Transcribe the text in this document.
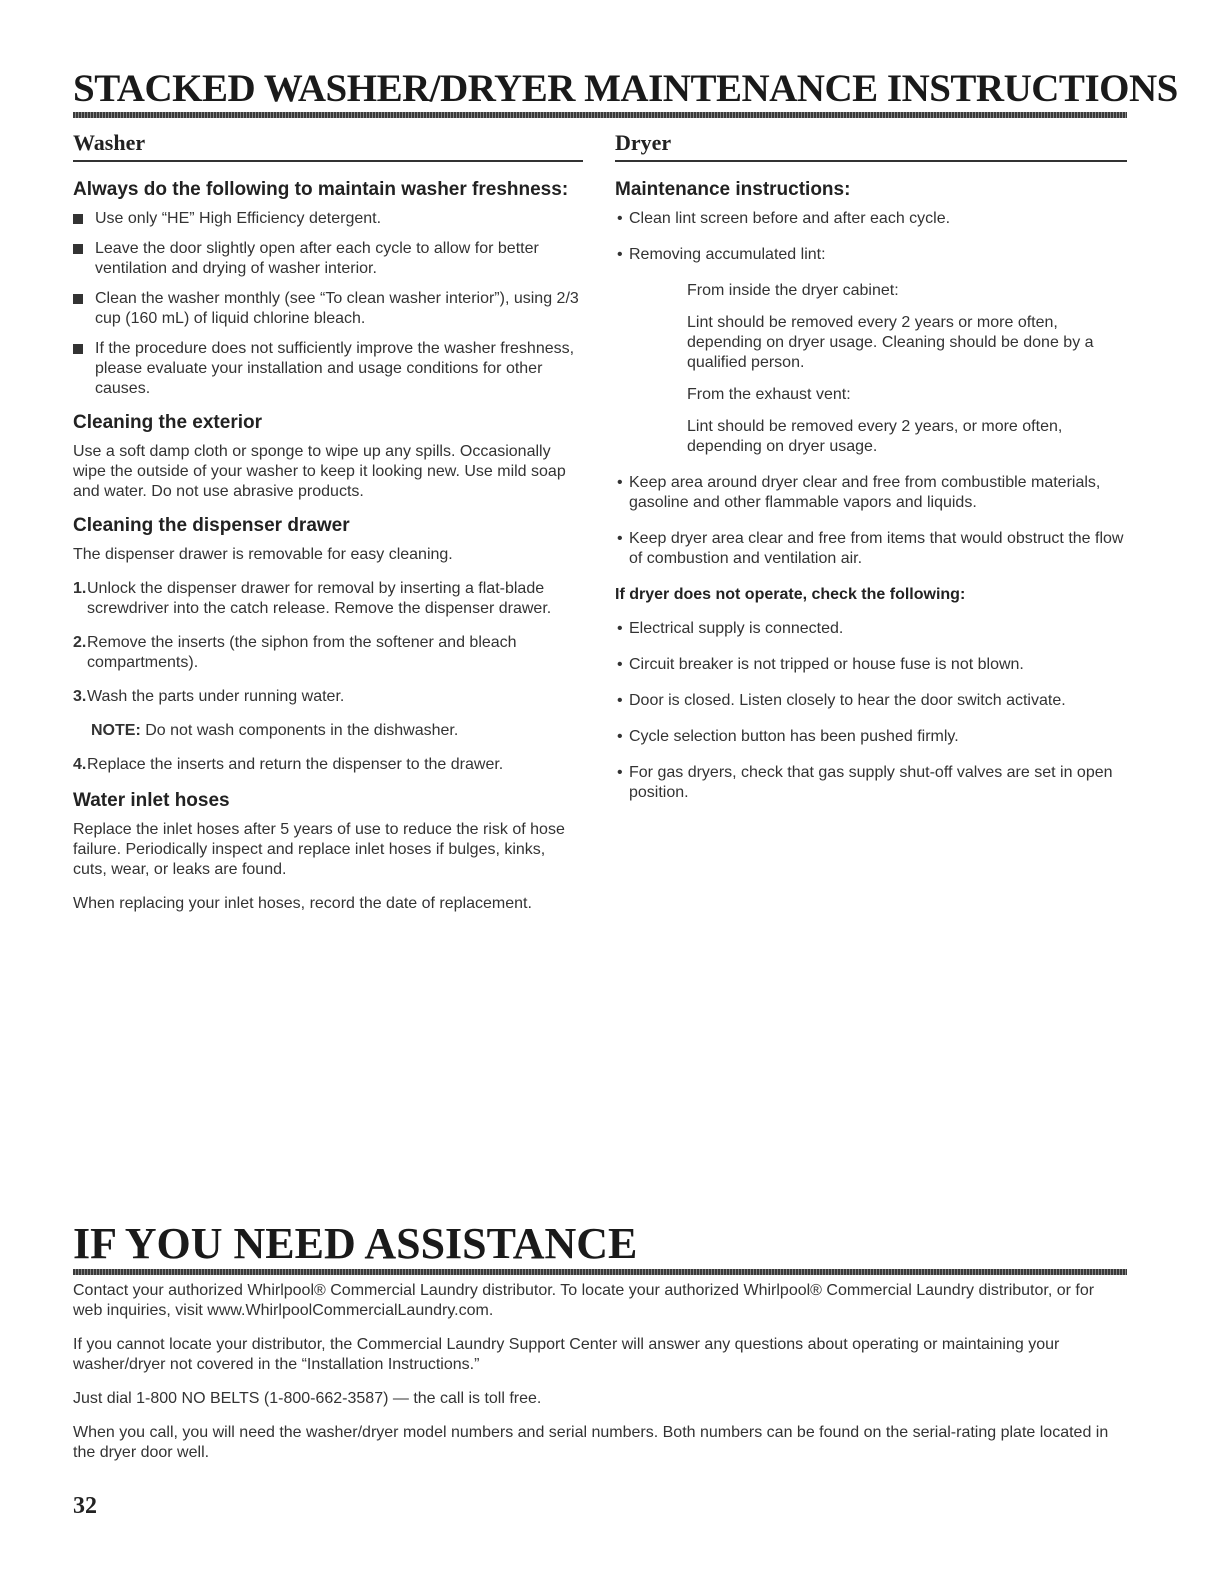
STACKED WASHER/DRYER MAINTENANCE INSTRUCTIONS
Washer
Always do the following to maintain washer freshness:
Use only “HE” High Efficiency detergent.
Leave the door slightly open after each cycle to allow for better ventilation and drying of washer interior.
Clean the washer monthly (see “To clean washer interior”), using 2/3 cup (160 mL) of liquid chlorine bleach.
If the procedure does not sufficiently improve the washer freshness, please evaluate your installation and usage conditions for other causes.
Cleaning the exterior
Use a soft damp cloth or sponge to wipe up any spills. Occasionally wipe the outside of your washer to keep it looking new. Use mild soap and water. Do not use abrasive products.
Cleaning the dispenser drawer
The dispenser drawer is removable for easy cleaning.
1. Unlock the dispenser drawer for removal by inserting a flat-blade screwdriver into the catch release. Remove the dispenser drawer.
2. Remove the inserts (the siphon from the softener and bleach compartments).
3. Wash the parts under running water.
NOTE: Do not wash components in the dishwasher.
4. Replace the inserts and return the dispenser to the drawer.
Water inlet hoses
Replace the inlet hoses after 5 years of use to reduce the risk of hose failure. Periodically inspect and replace inlet hoses if bulges, kinks, cuts, wear, or leaks are found.
When replacing your inlet hoses, record the date of replacement.
Dryer
Maintenance instructions:
• Clean lint screen before and after each cycle.
• Removing accumulated lint:
From inside the dryer cabinet:
Lint should be removed every 2 years or more often, depending on dryer usage. Cleaning should be done by a qualified person.
From the exhaust vent:
Lint should be removed every 2 years, or more often, depending on dryer usage.
• Keep area around dryer clear and free from combustible materials, gasoline and other flammable vapors and liquids.
• Keep dryer area clear and free from items that would obstruct the flow of combustion and ventilation air.
If dryer does not operate, check the following:
• Electrical supply is connected.
• Circuit breaker is not tripped or house fuse is not blown.
• Door is closed. Listen closely to hear the door switch activate.
• Cycle selection button has been pushed firmly.
• For gas dryers, check that gas supply shut-off valves are set in open position.
IF YOU NEED ASSISTANCE
Contact your authorized Whirlpool® Commercial Laundry distributor. To locate your authorized Whirlpool® Commercial Laundry distributor, or for web inquiries, visit www.WhirlpoolCommercialLaundry.com.
If you cannot locate your distributor, the Commercial Laundry Support Center will answer any questions about operating or maintaining your washer/dryer not covered in the “Installation Instructions.”
Just dial 1-800 NO BELTS (1-800-662-3587) — the call is toll free.
When you call, you will need the washer/dryer model numbers and serial numbers. Both numbers can be found on the serial-rating plate located in the dryer door well.
32
